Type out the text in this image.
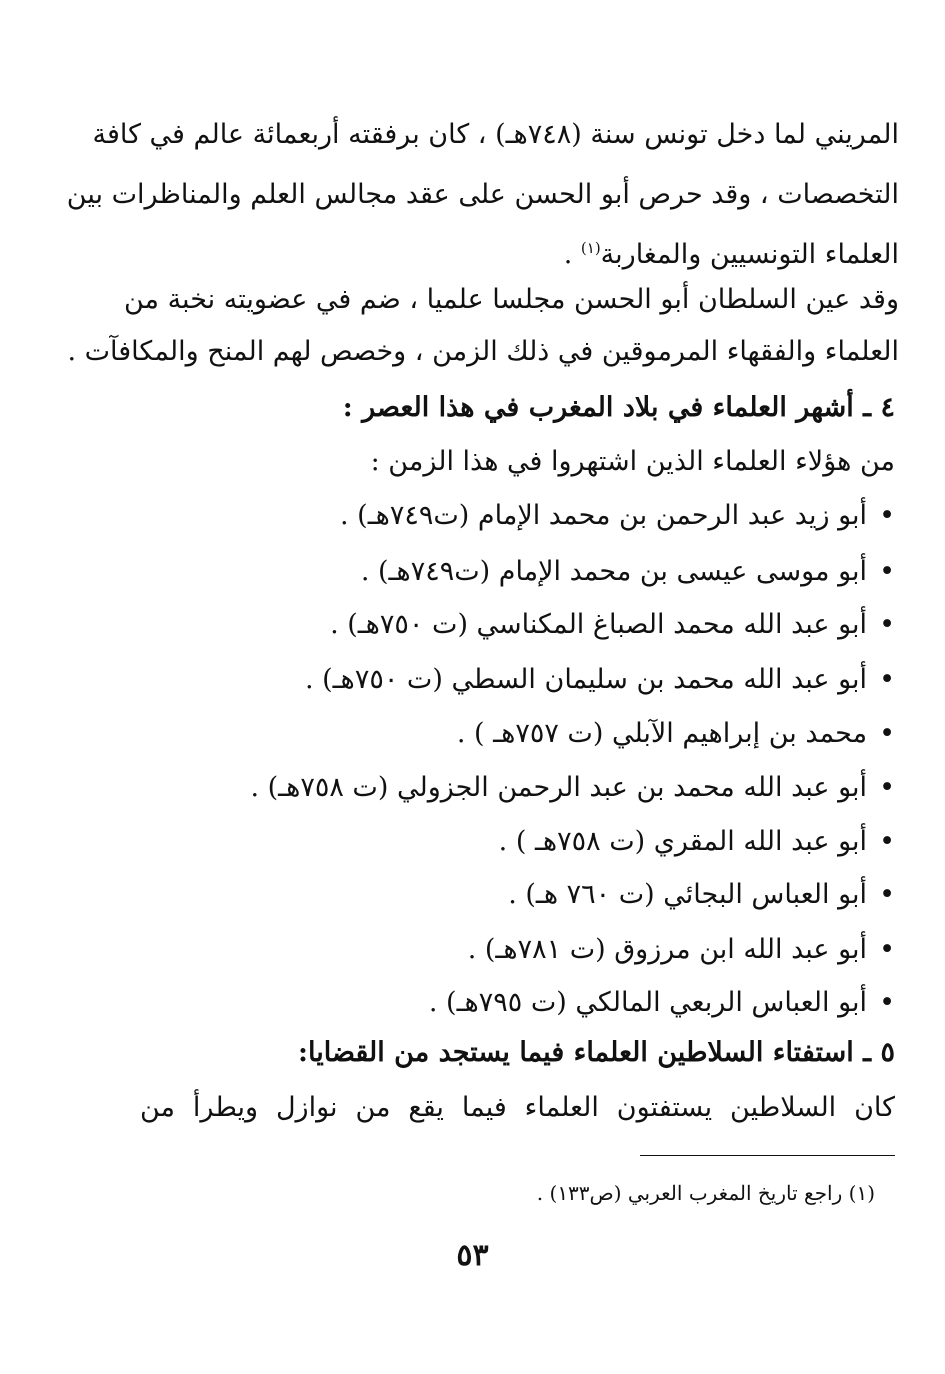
المريني لما دخل تونس سنة (٧٤٨هـ) ، كان برفقته أربعمائة عالم في كافة
التخصصات ، وقد حرص أبو الحسن على عقد مجالس العلم والمناظرات بين
العلماء التونسيين والمغاربة$^{(١)}$ .
وقد عين السلطان أبو الحسن مجلسا علميا ، ضم في عضويته نخبة من
العلماء والفقهاء المرموقين في ذلك الزمن ، وخصص لهم المنح والمكافآت .
٤ ـ أشهر العلماء في بلاد المغرب في هذا العصر :
من هؤلاء العلماء الذين اشتهروا في هذا الزمن :
•أبو زيد عبد الرحمن بن محمد الإمام (ت٧٤٩هـ) .
•أبو موسى عيسى بن محمد الإمام (ت٧٤٩هـ) .
•أبو عبد الله محمد الصباغ المكناسي (ت ٧٥٠هـ) .
•أبو عبد الله محمد بن سليمان السطي (ت ٧٥٠هـ) .
•محمد بن إبراهيم الآبلي (ت ٧٥٧هـ ) .
•أبو عبد الله محمد بن عبد الرحمن الجزولي (ت ٧٥٨هـ) .
•أبو عبد الله المقري (ت ٧٥٨هـ ) .
•أبو العباس البجائي (ت ٧٦٠ هـ) .
•أبو عبد الله ابن مرزوق (ت ٧٨١هـ) .
•أبو العباس الربعي المالكي (ت ٧٩٥هـ) .
٥ ـ استفتاء السلاطين العلماء فيما يستجد من القضايا:
كان السلاطين يستفتون العلماء فيما يقع من نوازل ويطرأ من
(١) راجع تاريخ المغرب العربي (ص١٣٣) .
٥٣
